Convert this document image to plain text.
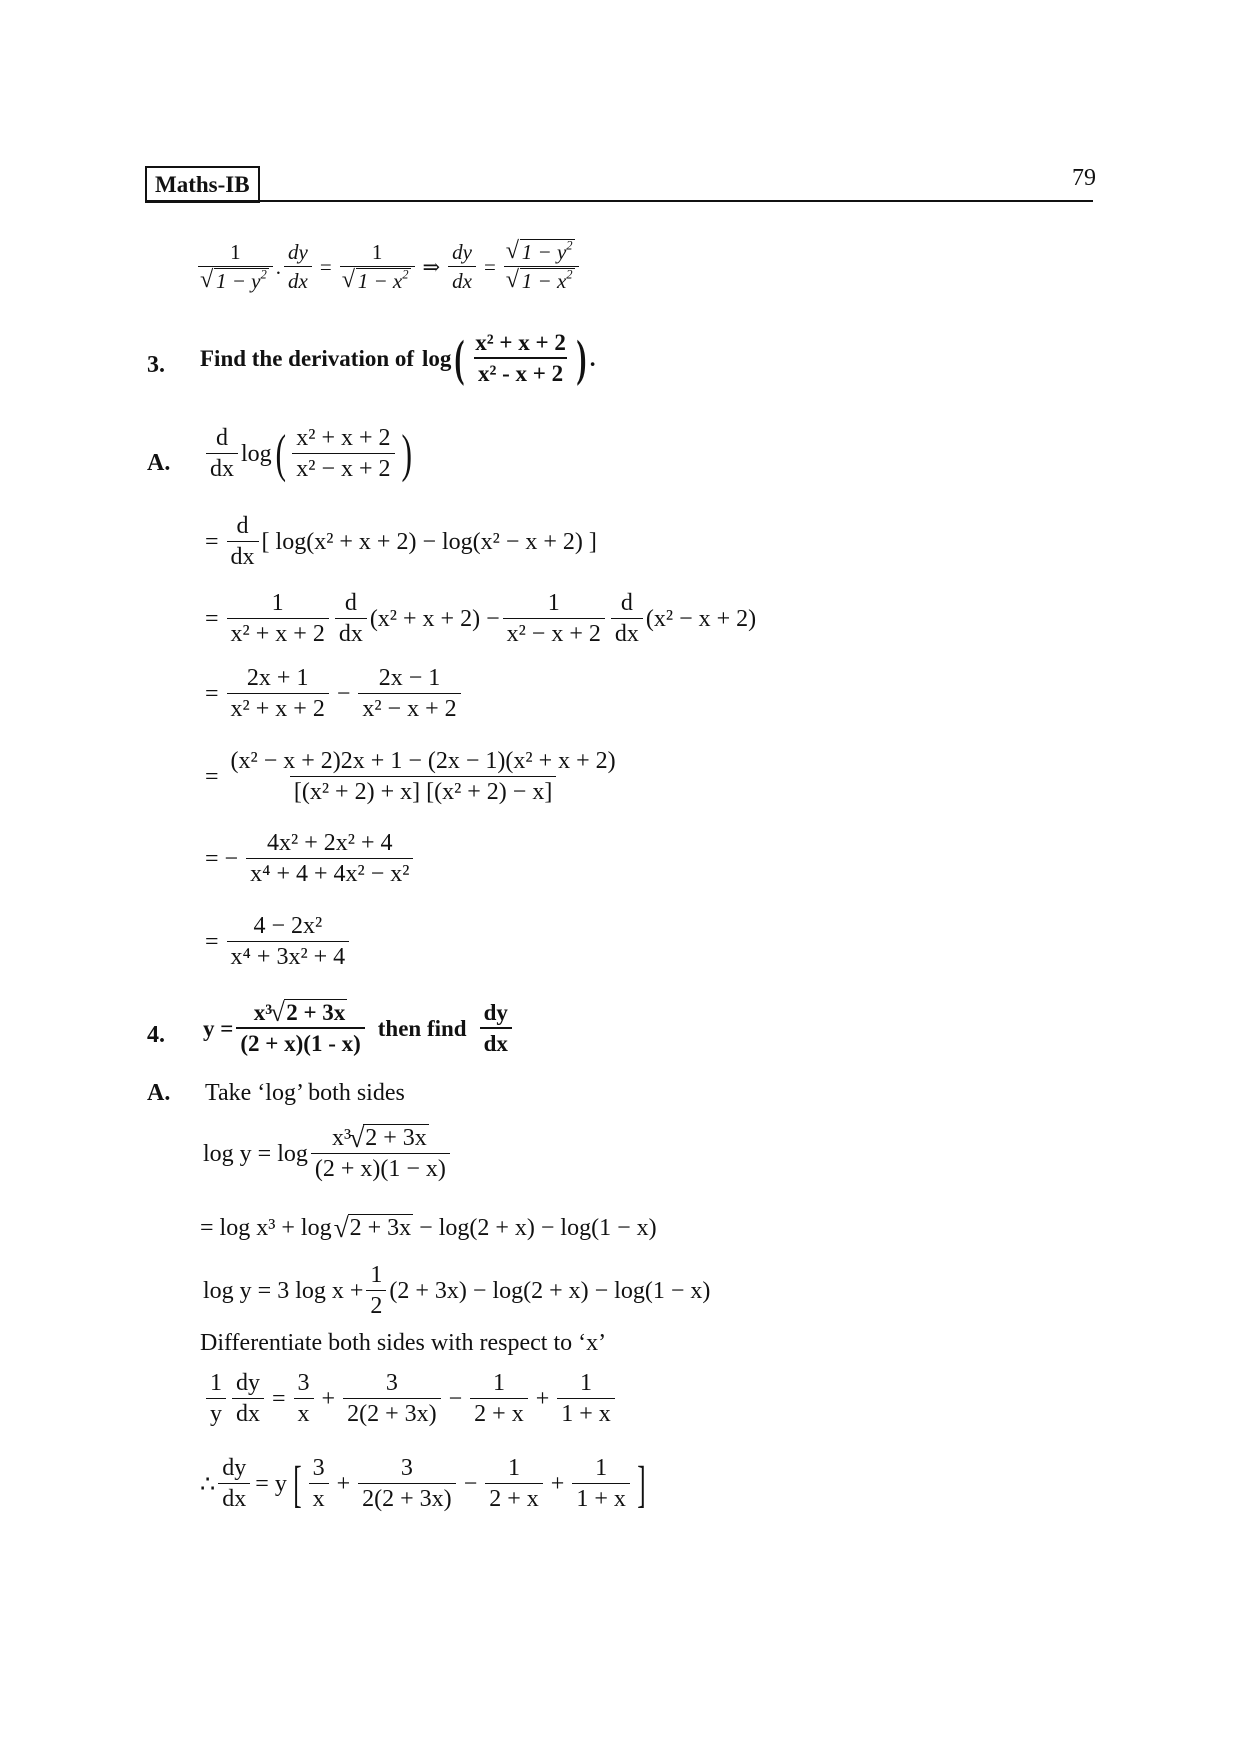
Maths-IB	79
1
√ $1 - y^2$ . $\frac{dy}{dx} = 1$
√ $1 - x^2$ ⇒ $\frac{dy}{dx}$ = √ $1 - y^2$
√ $1 - x^2$
3. Find the derivation of log ( $\frac{\text{x² + x + 2}}{\text{x² - x + 2}}$ ) .
A. $\frac{d}{dx}$ log ( $\frac{\text{x² + x + 2}}{\text{x² − x + 2}}$ )
= $\frac{d}{dx}$ [ log(x² + x + 2) − log(x² − x + 2) ]
= $\frac{1}{\text{x² + x + 2}} \frac{d}{dx} (x^2 + x + 2) - \frac{1}{\text{x² − x + 2}} \frac{d}{dx} (x^2 - x + 2)$
= $\frac{2x + 1}{\text{x² + x + 2}} - \frac{2x - 1}{\text{x² − x + 2}}$
= $\frac{\text{(x² − x + 2)2x + 1 − (2x − 1)(x² + x + 2)}}{\text{[(x² + 2) + x] [(x² + 2) − x]}}$
= − $\frac{\text{4x² + 2x² + 4}}{\text{x⁴ + 4 + 4x² − x²}}$
= $\frac{\text{4 − 2x²}}{\text{x⁴ + 3x² + 4}}$
4. $y = \frac{\text{x³ √ 2 + 3x}}{(2 + x)(1 - x)}$ then find $\frac{dy}{dx}$
A. Take ‘log’ both sides
$\log y = \log \frac{\text{x³ √ 2 + 3x}}{(2 + x)(1 - x)}$
= log x³ + log √ 2 + 3x − log(2 + x) − log(1 − x)
log y = 3 $\log x + \frac{1}{2} (2 + 3x) - \log(2 + x) - \log(1 - x)$
Differentiate both sides with respect to ‘x’
$\frac{1}{y} \frac{dy}{dx} = \frac{3}{x} + \frac{3}{2(2 + 3x)} - \frac{1}{2 + x} + \frac{1}{1 + x}$
∴ $\frac{dy}{dx} = y$ [ $\frac{3}{x} + \frac{3}{2(2 + 3x)} - \frac{1}{2 + x} + \frac{1}{1 + x}$ ]
